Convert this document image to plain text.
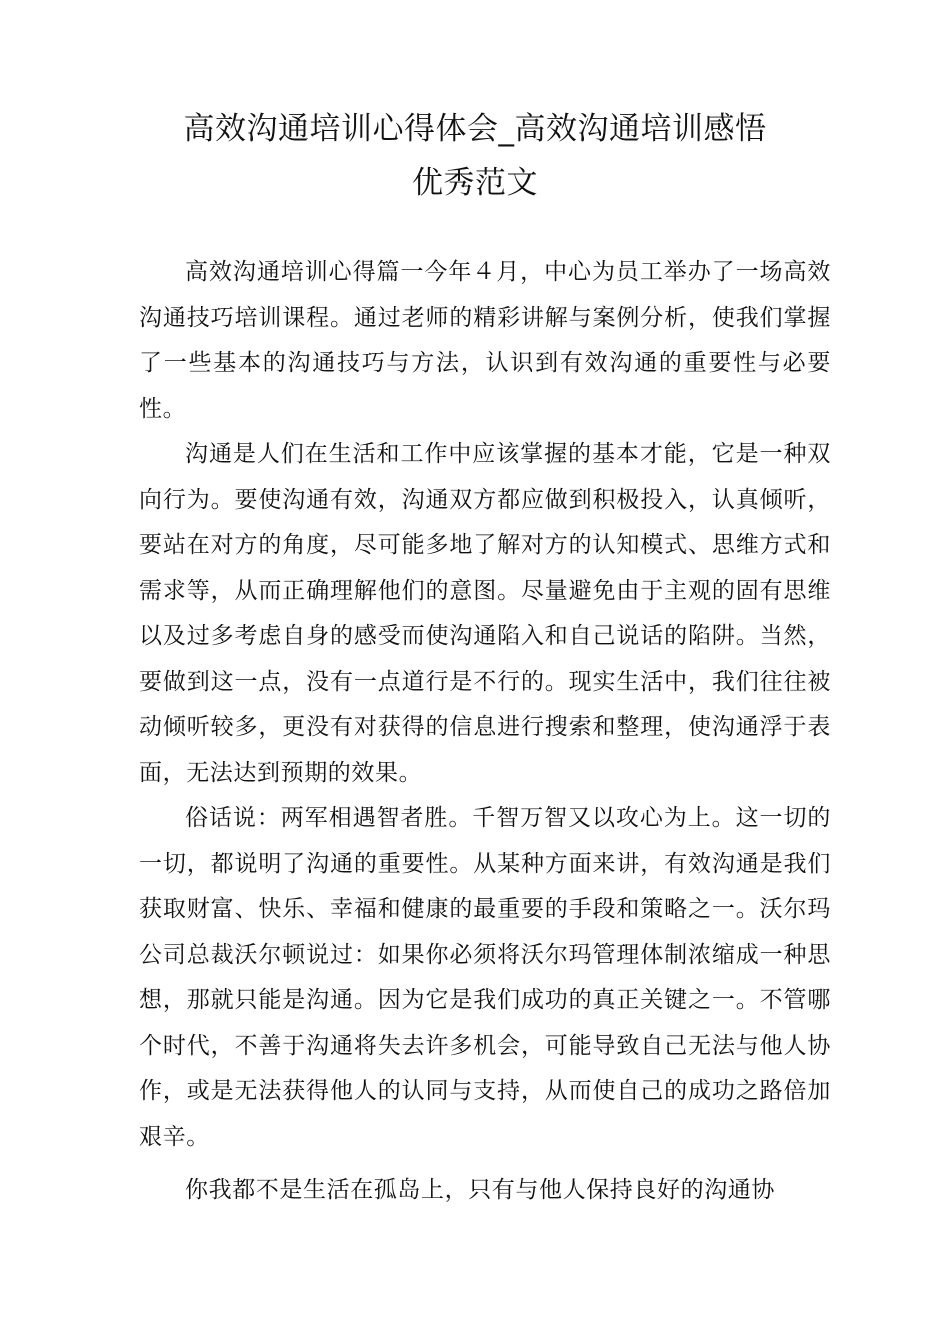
高效沟通培训心得体会_高效沟通培训感悟
优秀范文

高效沟通培训心得篇一今年４月，中心为员工举办了一场高效沟通技巧培训课程。通过老师的精彩讲解与案例分析，使我们掌握了一些基本的沟通技巧与方法，认识到有效沟通的重要性与必要性。

沟通是人们在生活和工作中应该掌握的基本才能，它是一种双向行为。要使沟通有效，沟通双方都应做到积极投入，认真倾听，要站在对方的角度，尽可能多地了解对方的认知模式、思维方式和需求等，从而正确理解他们的意图。尽量避免由于主观的固有思维以及过多考虑自身的感受而使沟通陷入和自己说话的陷阱。当然，要做到这一点，没有一点道行是不行的。现实生活中，我们往往被动倾听较多，更没有对获得的信息进行搜索和整理，使沟通浮于表面，无法达到预期的效果。

俗话说：两军相遇智者胜。千智万智又以攻心为上。这一切的一切，都说明了沟通的重要性。从某种方面来讲，有效沟通是我们获取财富、快乐、幸福和健康的最重要的手段和策略之一。沃尔玛公司总裁沃尔顿说过：如果你必须将沃尔玛管理体制浓缩成一种思想，那就只能是沟通。因为它是我们成功的真正关键之一。不管哪个时代，不善于沟通将失去许多机会，可能导致自己无法与他人协作，或是无法获得他人的认同与支持，从而使自己的成功之路倍加艰辛。

你我都不是生活在孤岛上，只有与他人保持良好的沟通协
